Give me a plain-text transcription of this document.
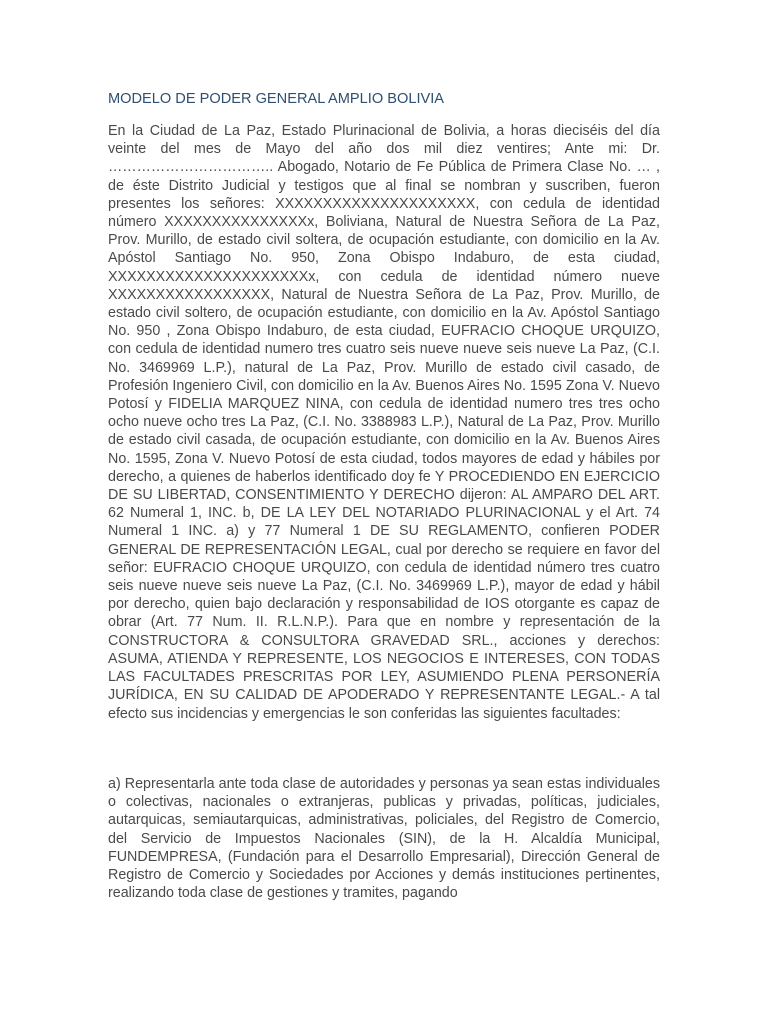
MODELO DE PODER GENERAL AMPLIO BOLIVIA

En la Ciudad de La Paz, Estado Plurinacional de Bolivia, a horas dieciséis del día veinte del mes de Mayo del año dos mil diez ventires; Ante mi: Dr. …………………………….. Abogado, Notario de Fe Pública de Primera Clase No. … , de éste Distrito Judicial y testigos que al final se nombran y suscriben, fueron presentes los señores: XXXXXXXXXXXXXXXXXXXXX, con cedula de identidad número XXXXXXXXXXXXXXXx, Boliviana, Natural de Nuestra Señora de La Paz, Prov. Murillo, de estado civil soltera, de ocupación estudiante, con domicilio en la Av. Apóstol Santiago No. 950, Zona Obispo Indaburo, de esta ciudad, XXXXXXXXXXXXXXXXXXXXXx, con cedula de identidad número nueve XXXXXXXXXXXXXXXXX, Natural de Nuestra Señora de La Paz, Prov. Murillo, de estado civil soltero, de ocupación estudiante, con domicilio en la Av. Apóstol Santiago No. 950 , Zona Obispo Indaburo, de esta ciudad, EUFRACIO CHOQUE URQUIZO, con cedula de identidad numero tres cuatro seis nueve nueve seis nueve La Paz, (C.I. No. 3469969 L.P.), natural de La Paz, Prov. Murillo de estado civil casado, de Profesión Ingeniero Civil, con domicilio en la Av. Buenos Aires No. 1595 Zona V. Nuevo Potosí y FIDELIA MARQUEZ NINA, con cedula de identidad numero tres tres ocho ocho nueve ocho tres La Paz, (C.I. No. 3388983 L.P.), Natural de La Paz, Prov. Murillo de estado civil casada, de ocupación estudiante, con domicilio en la Av. Buenos Aires No. 1595, Zona V. Nuevo Potosí de esta ciudad, todos mayores de edad y hábiles por derecho, a quienes de haberlos identificado doy fe Y PROCEDIENDO EN EJERCICIO DE SU LIBERTAD, CONSENTIMIENTO Y DERECHO dijeron: AL AMPARO DEL ART. 62 Numeral 1, INC. b, DE LA LEY DEL NOTARIADO PLURINACIONAL y el Art. 74 Numeral 1 INC. a) y 77 Numeral 1 DE SU REGLAMENTO, confieren PODER GENERAL DE REPRESENTACIÓN LEGAL, cual por derecho se requiere en favor del señor: EUFRACIO CHOQUE URQUIZO, con cedula de identidad número tres cuatro seis nueve nueve seis nueve La Paz, (C.I. No. 3469969 L.P.), mayor de edad y hábil por derecho, quien bajo declaración y responsabilidad de IOS otorgante es capaz de obrar (Art. 77 Num. II. R.L.N.P.). Para que en nombre y representación de la CONSTRUCTORA & CONSULTORA GRAVEDAD SRL., acciones y derechos: ASUMA, ATIENDA Y REPRESENTE, LOS NEGOCIOS E INTERESES, CON TODAS LAS FACULTADES PRESCRITAS POR LEY, ASUMIENDO PLENA PERSONERÍA JURÍDICA, EN SU CALIDAD DE APODERADO Y REPRESENTANTE LEGAL.- A tal efecto sus incidencias y emergencias le son conferidas las siguientes facultades:

a) Representarla ante toda clase de autoridades y personas ya sean estas individuales o colectivas, nacionales o extranjeras, publicas y privadas, políticas, judiciales, autarquicas, semiautarquicas, administrativas, policiales, del Registro de Comercio, del Servicio de Impuestos Nacionales (SIN), de la H. Alcaldía Municipal, FUNDEMPRESA, (Fundación para el Desarrollo Empresarial), Dirección General de Registro de Comercio y Sociedades por Acciones y demás instituciones pertinentes, realizando toda clase de gestiones y tramites, pagando
